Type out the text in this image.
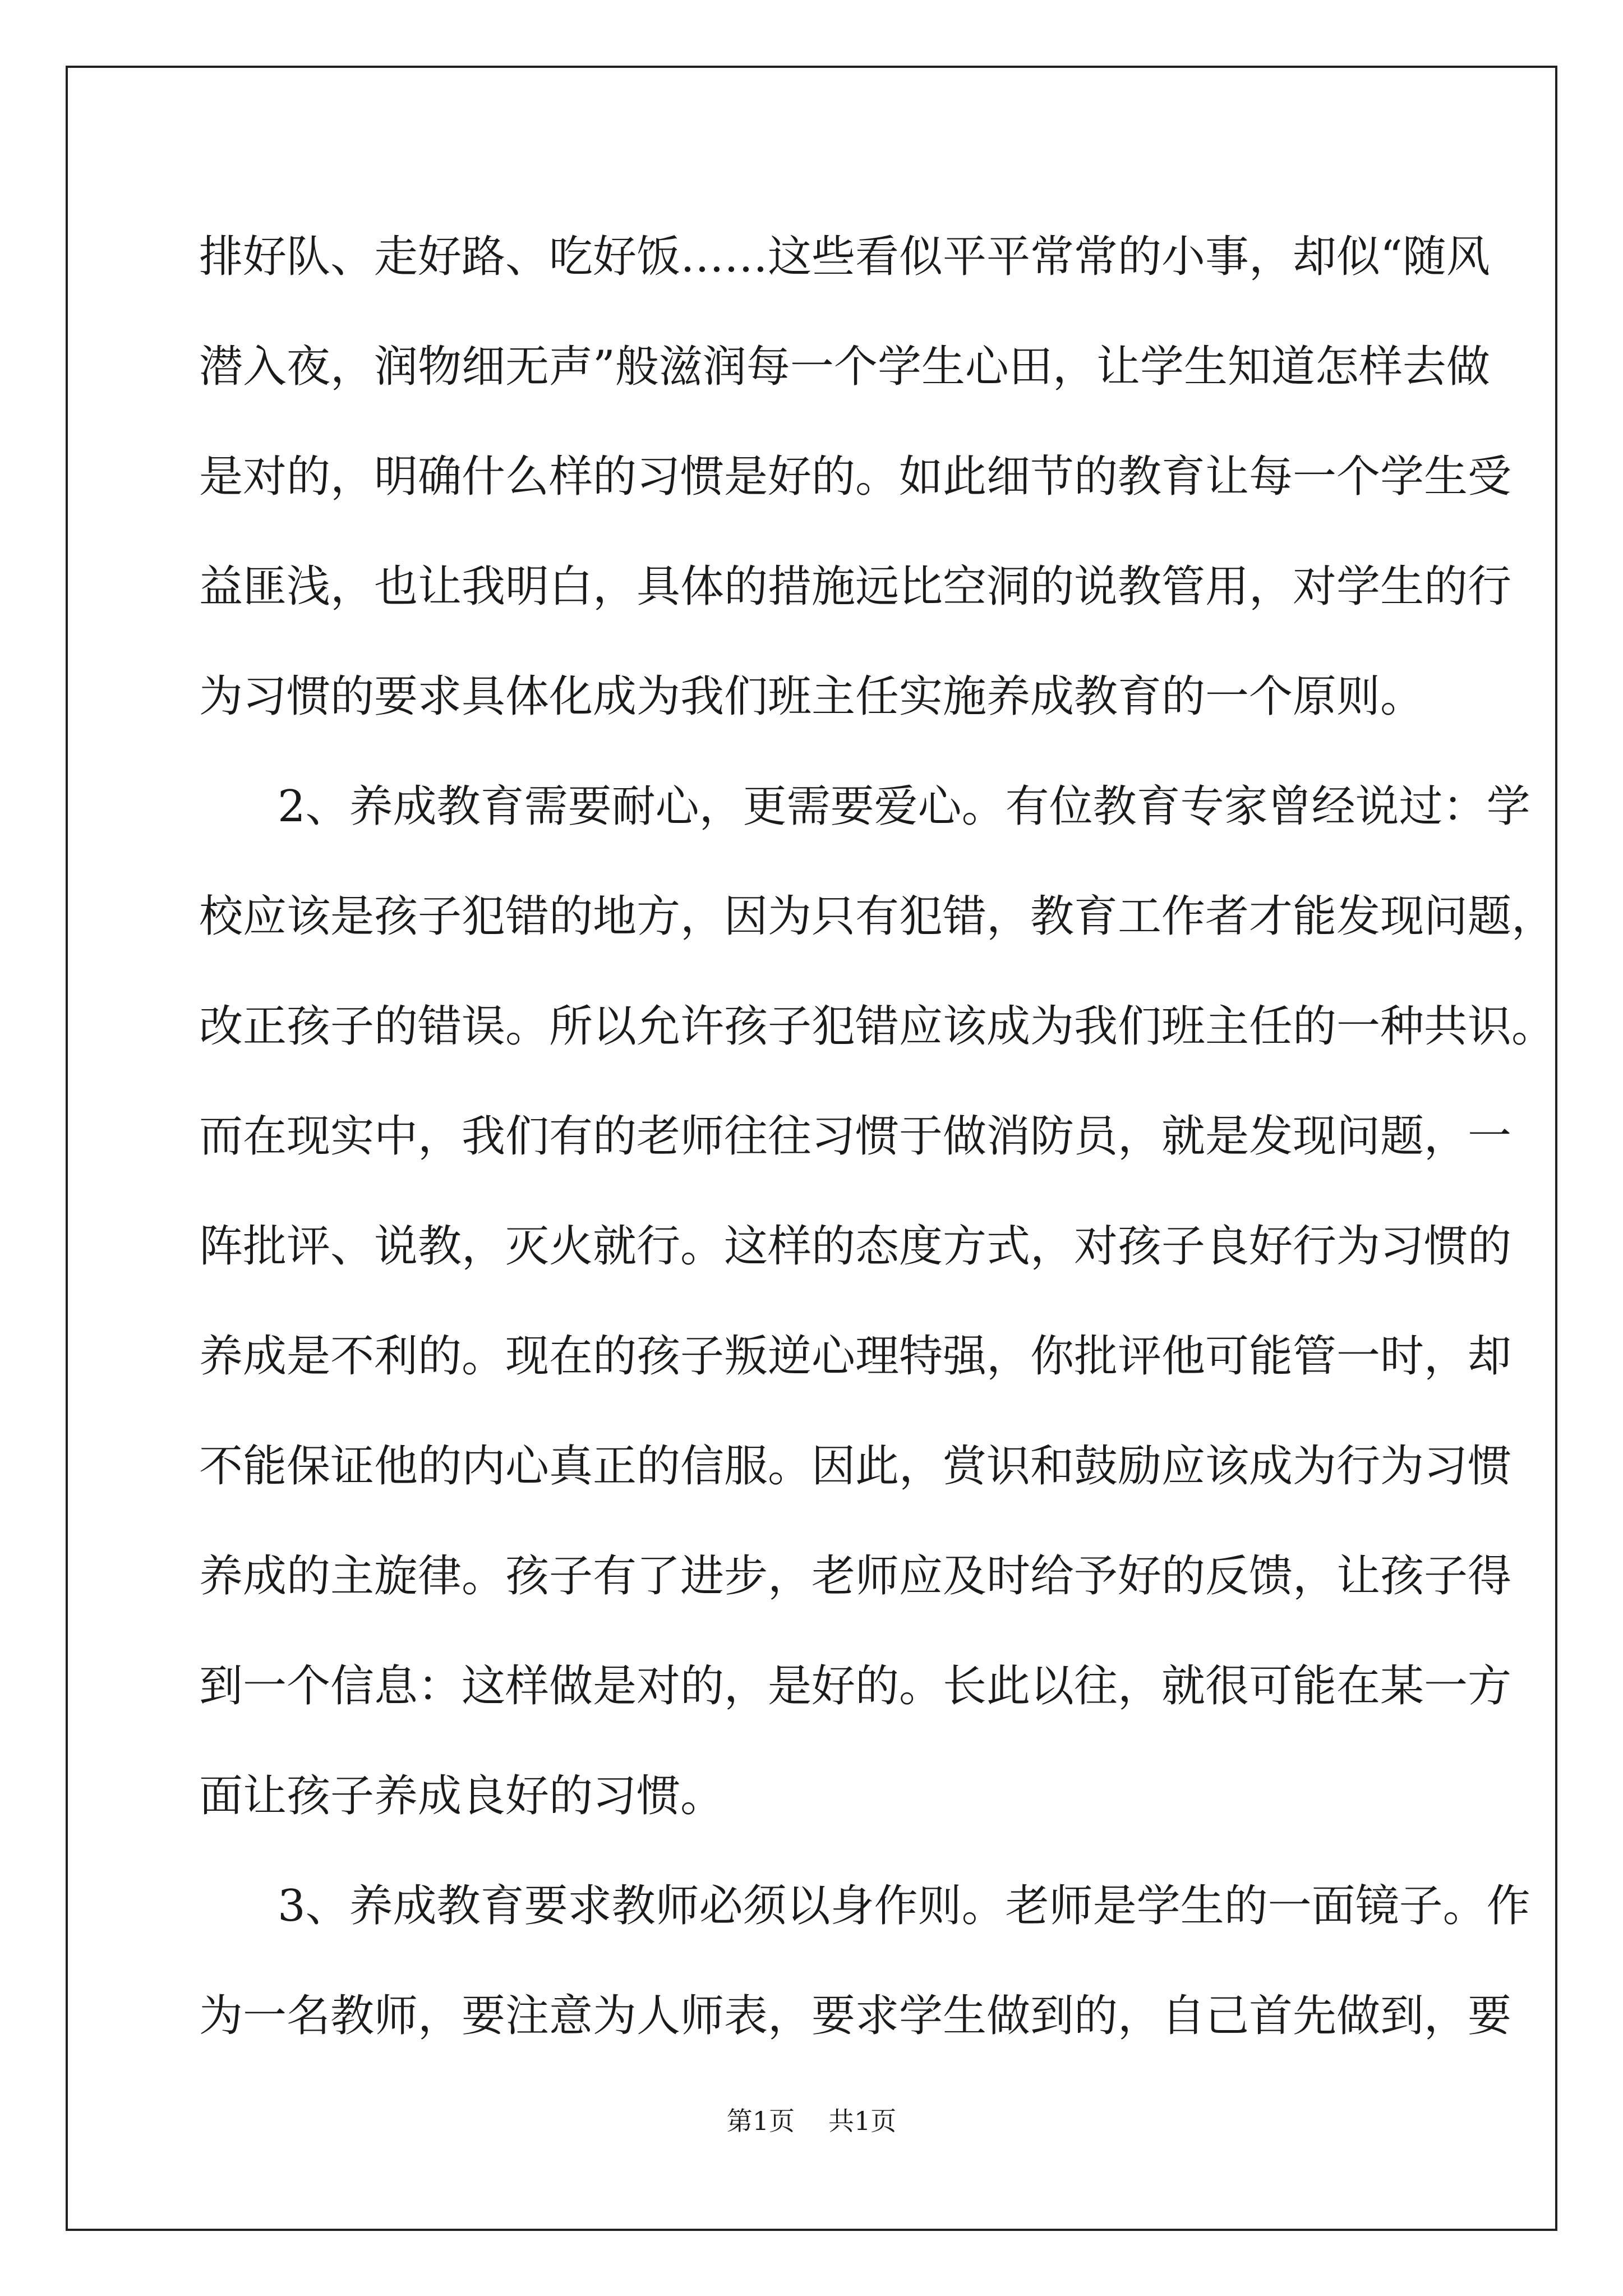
排好队、走好路、吃好饭……这些看似平平常常的小事，却似“随风
潜入夜，润物细无声”般滋润每一个学生心田，让学生知道怎样去做
是对的，明确什么样的习惯是好的。如此细节的教育让每一个学生受
益匪浅，也让我明白，具体的措施远比空洞的说教管用，对学生的行
为习惯的要求具体化成为我们班主任实施养成教育的一个原则。
2、养成教育需要耐心，更需要爱心。有位教育专家曾经说过：学
校应该是孩子犯错的地方，因为只有犯错，教育工作者才能发现问题，
改正孩子的错误。所以允许孩子犯错应该成为我们班主任的一种共识。
而在现实中，我们有的老师往往习惯于做消防员，就是发现问题，一
阵批评、说教，灭火就行。这样的态度方式，对孩子良好行为习惯的
养成是不利的。现在的孩子叛逆心理特强，你批评他可能管一时，却
不能保证他的内心真正的信服。因此，赏识和鼓励应该成为行为习惯
养成的主旋律。孩子有了进步，老师应及时给予好的反馈，让孩子得
到一个信息：这样做是对的，是好的。长此以往，就很可能在某一方
面让孩子养成良好的习惯。
3、养成教育要求教师必须以身作则。老师是学生的一面镜子。作
为一名教师，要注意为人师表，要求学生做到的，自己首先做到，要
第1页 共1页
